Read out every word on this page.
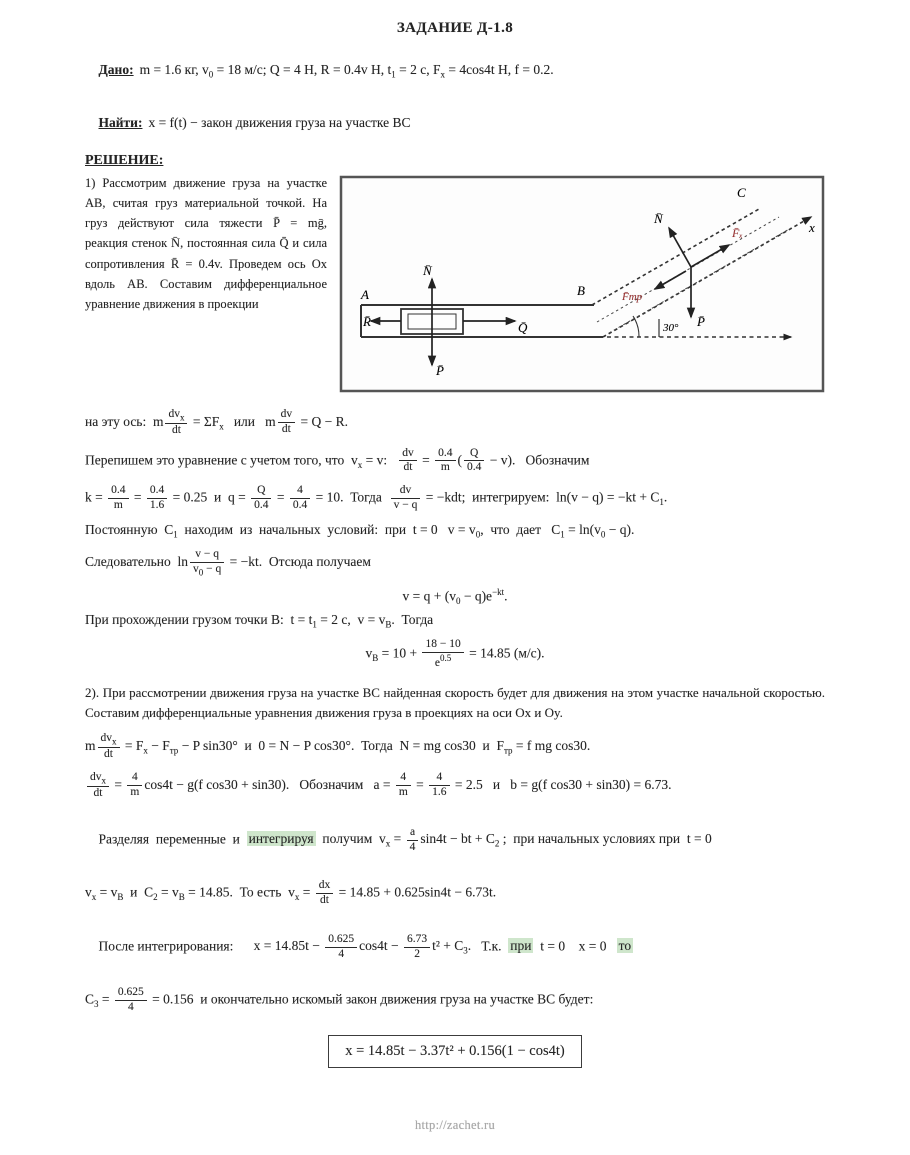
ЗАДАНИЕ Д-1.8

Дано: m = 1.6 кг, $v_0 = 18$ м/с; Q = 4 Н, R = 0.4v Н, $t_1 = 2$ с, $F_x = 4\cos 4t$ Н, f = 0.2.

Найти: x = f(t) − закон движения груза на участке ВС

РЕШЕНИЕ:
А
N̄
R̄	Q̄
P̄
В
30°
N̄
F̄ₓ
P̄
F̄тр
С
x

1) Рассмотрим движение груза на участке АВ, считая груз материальной точкой. На груз действуют сила тяжести P̄ = mḡ, реакция стенок N̄, постоянная сила Q̄ и сила сопротивления R̄ = 0.4v. Проведем ось Ox вдоль АВ. Составим дифференциальное уравнение движения в проекции

на эту ось:  m $\frac{dv_x}{dt} = \Sigma F_x$   или   m $\frac{dv}{dt} = Q - R$.
Перепишем это уравнение с учетом того, что  $v_x = v$: $\frac{dv}{dt} = \frac{0.4}{m}$ ( $\frac{Q}{0.4} - v$).   Обозначим
$k = \frac{0.4}{m} = \frac{0.4}{1.6} = 0.25$  и  $q = \frac{Q}{0.4} = \frac{4}{0.4} = 10$.  Тогда $\frac{dv}{v - q} = -kdt$;  интегрируем:  $\ln(v - q) = -kt + C_1$.
Постоянную  $C_1$  находим  из  начальных  условий:  при  t = 0   $v = v_0$,  что  дает   $C_1 = \ln(v_0 - q)$.
Следовательно  $\ln \frac{v - q}{v_0 - q} = -kt$.  Отсюда получаем
$v = q + (v_0 - q)e^{-kt}$.
При прохождении грузом точки В:  $t = t_1 = 2$ с,  $v = v_В$.  Тогда
$v_В = 10 + \frac{18 - 10}{e^{0.5}} = 14.85$ (м/с).

2). При рассмотрении движения груза на участке ВС найденная скорость будет для движения на этом участке начальной скоростью. Составим дифференциальные уравнения движения груза в проекциях на оси Ox и Oy.

m $\frac{dv_x}{dt} = F_x - F_{тр} - P$ sin30°  и  0 = N − P cos30°.  Тогда  N = mg cos30  и  $F_{тр} = f$ mg cos30.
$\frac{dv_x}{dt} = \frac{4}{m} \cos 4t - g(f$ cos30 + sin30).   Обозначим   $a = \frac{4}{m} = \frac{4}{1.6} = 2.5$   и   b = g(f cos30 + sin30) = 6.73.

Разделяя  переменные  и  интегрируя  получим  $v_x = \frac{a}{4} \sin 4t$ − bt + $C_2$ ;  при начальных условиях при  t = 0

$v_x = v_В$  и  $C_2 = v_В = 14.85$.  То есть  $v_x = \frac{dx}{dt} = 14.85 + 0.625\sin 4t - 6.73t$.

После интегрирования:      $x = 14.85t - \frac{0.625}{4} \cos 4t - \frac{6.73}{2} t^2 + C_3$.   Т.к.  при  t = 0    x = 0   то

$C_3 = \frac{0.625}{4} = 0.156$  и окончательно искомый закон движения груза на участке ВС будет:
x = 14.85t − 3.37t² + 0.156(1 − cos4t)
http://zachet.ru
